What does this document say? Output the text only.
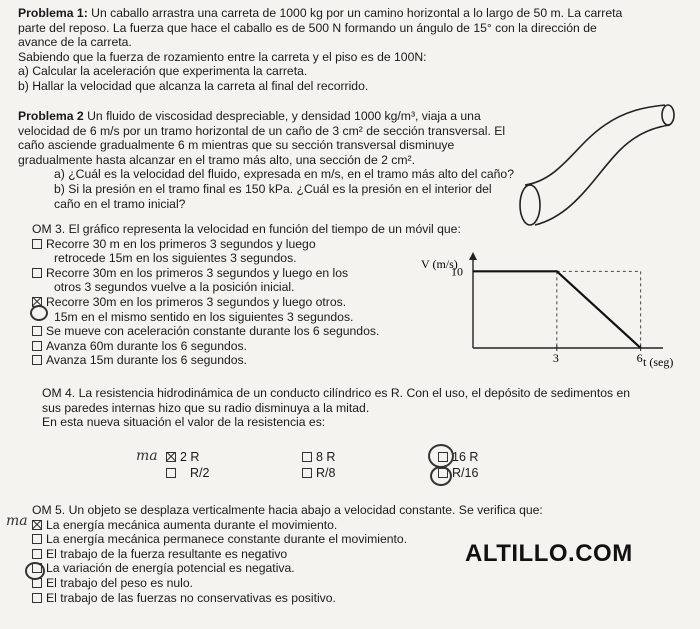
Problema 1: Un caballo arrastra una carreta de 1000 kg por un camino horizontal a lo largo de 50 m. La carreta
parte del reposo. La fuerza que hace el caballo es de 500 N formando un ángulo de 15° con la dirección de
avance de la carreta.
Sabiendo que la fuerza de rozamiento entre la carreta y el piso es de 100N:
a) Calcular la aceleración que experimenta la carreta.
b) Hallar la velocidad que alcanza la carreta al final del recorrido.
Problema 2 Un fluido de viscosidad despreciable, y densidad 1000 kg/m³, viaja a una
velocidad de 6 m/s por un tramo horizontal de un caño de 3 cm² de sección transversal. El
caño asciende gradualmente 6 m mientras que su sección transversal disminuye
gradualmente hasta alcanzar en el tramo más alto, una sección de 2 cm².
a) ¿Cuál es la velocidad del fluido, expresada en m/s, en el tramo más alto del caño?
b) Si la presión en el tramo final es 150 kPa. ¿Cuál es la presión en el interior del
caño en el tramo inicial?
OM 3. El gráfico representa la velocidad en función del tiempo de un móvil que:
Recorre 30 m en los primeros 3 segundos y luego
retrocede 15m en los siguientes 3 segundos.
Recorre 30m en los primeros 3 segundos y luego en los
otros 3 segundos vuelve a la posición inicial.
Recorre 30m en los primeros 3 segundos y luego otros.
15m en el mismo sentido en los siguientes 3 segundos.
Se mueve con aceleración constante durante los 6 segundos.
Avanza 60m durante los 6 segundos.
Avanza 15m durante los 6 segundos.
V (m/s)
t (seg)
3	6
10
OM 4. La resistencia hidrodinámica de un conducto cilíndrico es R. Con el uso, el depósito de sedimentos en
sus paredes internas hizo que su radio disminuya a la mitad.
En esta nueva situación el valor de la resistencia es:
ma	2 R
R/2
8 R
R/8
16 R
R/16
OM 5. Un objeto se desplaza verticalmente hacia abajo a velocidad constante. Se verifica que:
La energía mecánica aumenta durante el movimiento.
La energía mecánica permanece constante durante el movimiento.
El trabajo de la fuerza resultante es negativo
La variación de energía potencial es negativa.
El trabajo del peso es nulo.
El trabajo de las fuerzas no conservativas es positivo.
ma
ALTILLO.COM
